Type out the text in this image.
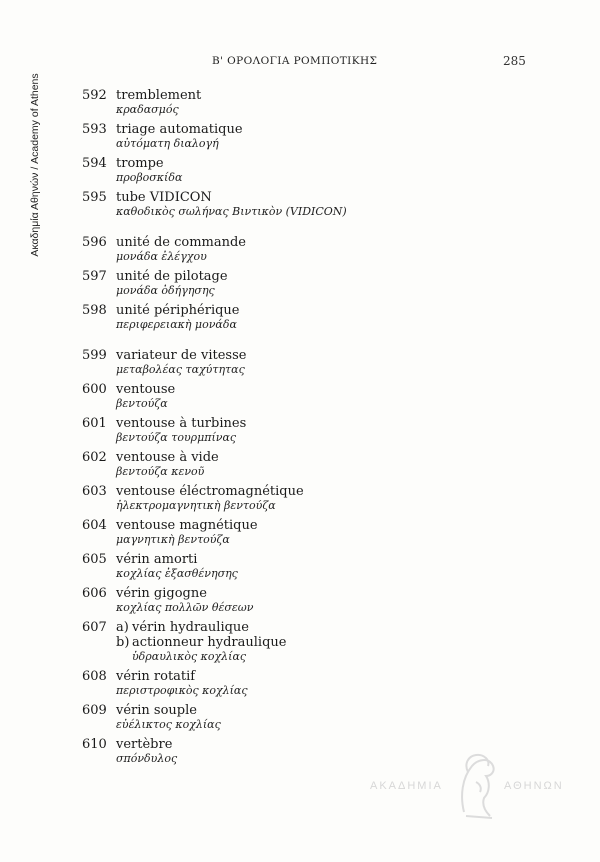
Ακαδημία Αθηνών / Academy of Athens
Β' ΟΡΟΛΟΓΙΑ ΡΟΜΠΟΤΙΚΗΣ	285
592 tremblement
κραδασμός
593 triage automatique
αὐτόματη διαλογή
594 trompe
προβοσκίδα
595 tube VIDICON
καθοδικὸς σωλήνας Βιντικὸν (VIDICON)
596 unité de commande
μονάδα ἐλέγχου
597 unité de pilotage
μονάδα ὁδήγησης
598 unité périphérique
περιφερειακὴ μονάδα
599 variateur de vitesse
μεταβολέας ταχύτητας
600 ventouse
βεντούζα
601 ventouse à turbines
βεντούζα τουρμπίνας
602 ventouse à vide
βεντούζα κενοῦ
603 ventouse éléctromagnétique
ἠλεκτρομαγνητικὴ βεντούζα
604 ventouse magnétique
μαγνητικὴ βεντούζα
605 vérin amorti
κοχλίας ἐξασθένησης
606 vérin gigogne
κοχλίας πολλῶν θέσεων
607 a) vérin hydraulique
b) actionneur hydraulique
ὑδραυλικὸς κοχλίας
608 vérin rotatif
περιστροφικὸς κοχλίας
609 vérin souple
εὐέλικτος κοχλίας
610 vertèbre
σπόνδυλος
ΑΚΑΔΗΜΙΑ	ΑΘΗΝΩΝ
